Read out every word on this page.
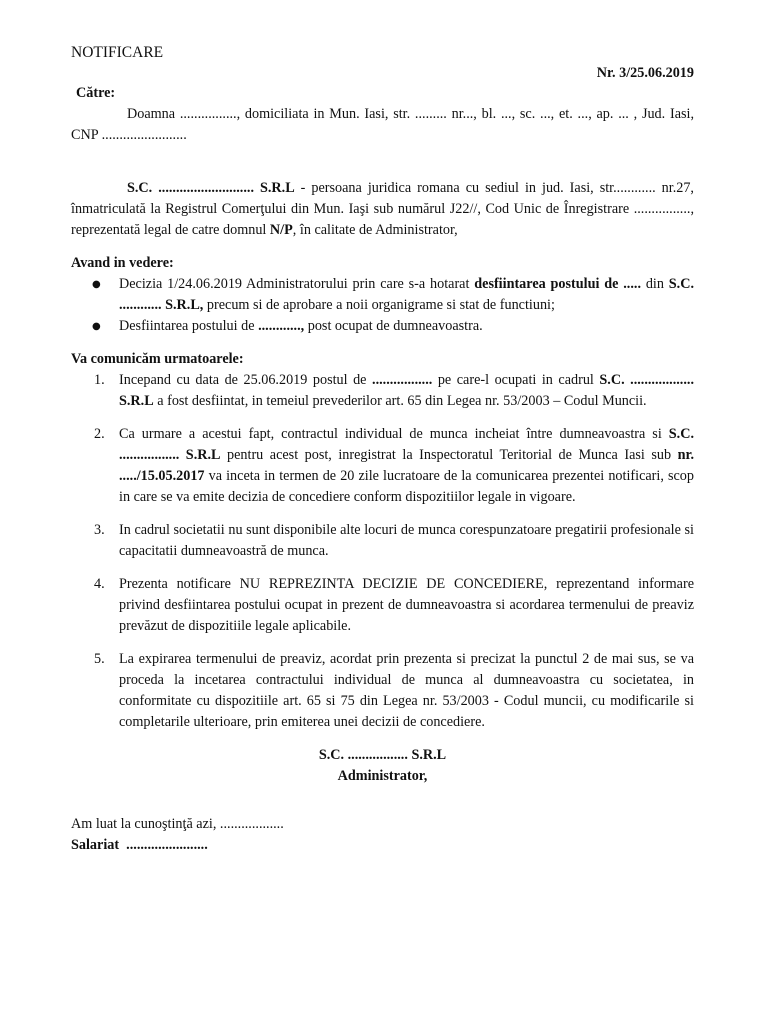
NOTIFICARE
Nr. 3/25.06.2019
Către:
Doamna ................, domiciliata in Mun. Iasi, str. ......... nr..., bl. ..., sc. ..., et. ..., ap. ... , Jud. Iasi, CNP ........................
S.C. ........................... S.R.L - persoana juridica romana cu sediul in jud. Iasi, str............ nr.27, înmatriculată la Registrul Comerţului din Mun. Iaşi sub numărul J22//, Cod Unic de Înregistrare ................, reprezentată legal de catre domnul N/P, în calitate de Administrator,
Avand in vedere:
● Decizia 1/24.06.2019 Administratorului prin care s-a hotarat desfiintarea postului de ..... din S.C. ............ S.R.L, precum si de aprobare a noii organigrame si stat de functiuni;
● Desfiintarea postului de ............, post ocupat de dumneavoastra.
Va comunicăm urmatoarele:
1. Incepand cu data de 25.06.2019 postul de ................. pe care-l ocupati in cadrul S.C. .................. S.R.L a fost desfiintat, in temeiul prevederilor art. 65 din Legea nr. 53/2003 – Codul Muncii.
2. Ca urmare a acestui fapt, contractul individual de munca incheiat între dumneavoastra si S.C. ................. S.R.L pentru acest post, inregistrat la Inspectoratul Teritorial de Munca Iasi sub nr. ...../15.05.2017 va inceta in termen de 20 zile lucratoare de la comunicarea prezentei notificari, scop in care se va emite decizia de concediere conform dispozitiilor legale in vigoare.
3. In cadrul societatii nu sunt disponibile alte locuri de munca corespunzatoare pregatirii profesionale si capacitatii dumneavoastră de munca.
4. Prezenta notificare NU REPREZINTA DECIZIE DE CONCEDIERE, reprezentand informare privind desfiintarea postului ocupat in prezent de dumneavoastra si acordarea termenului de preaviz prevăzut de dispozitiile legale aplicabile.
5. La expirarea termenului de preaviz, acordat prin prezenta si precizat la punctul 2 de mai sus, se va proceda la incetarea contractului individual de munca al dumneavoastra cu societatea, in conformitate cu dispozitiile art. 65 si 75 din Legea nr. 53/2003 - Codul muncii, cu modificarile si completarile ulterioare, prin emiterea unei decizii de concediere.
S.C. ................. S.R.L
Administrator,
Am luat la cunoştinţă azi, ..................
Salariat .......................
